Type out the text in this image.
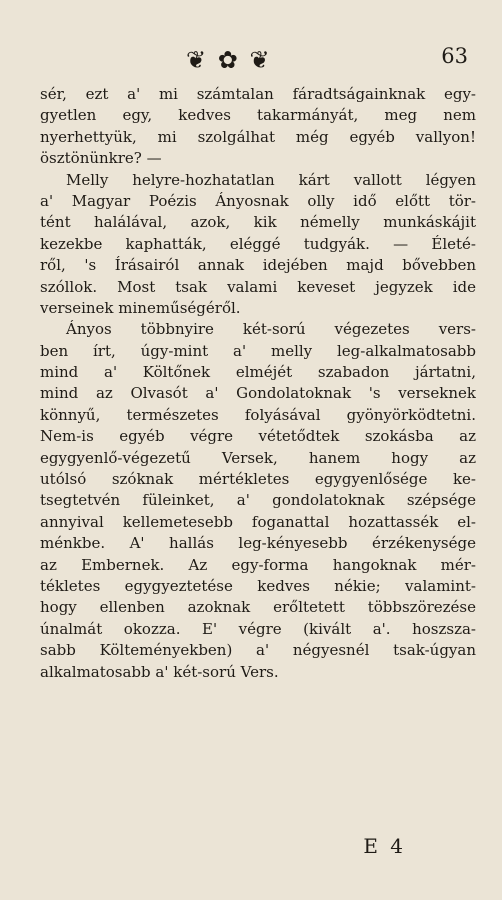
❦ ✿ ❦	63
sér, ezt a' mi számtalan fáradtságainknak egy-
gyetlen egy, kedves takarmányát, meg nem
nyerhettyük, mi szolgálhat még egyéb vallyon!
ösztönünkre? —
Melly helyre-hozhatatlan kárt vallott légyen
a' Magyar Poézis Ányosnak olly idő előtt tör-
tént halálával, azok, kik némelly munkáskájit
kezekbe kaphatták, eléggé tudgyák. — Életé-
ről, 's Írásairól annak idejében majd bővebben
szóllok. Most tsak valami keveset jegyzek ide
verseinek mineműségéről.
Ányos többnyire két-sorú végezetes vers-
ben írt, úgy-mint a' melly leg-alkalmatosabb
mind a' Költőnek elméjét szabadon jártatni,
mind az Olvasót a' Gondolatoknak 's verseknek
könnyű, természetes folyásával gyönyörködtetni.
Nem-is egyéb végre vétetődtek szokásba az
egygyenlő-végezetű Versek, hanem hogy az
utólsó szóknak mértékletes egygyenlősége ke-
tsegtetvén füleinket, a' gondolatoknak szépsége
annyival kellemetesebb foganattal hozattassék el-
ménkbe. A' hallás leg-kényesebb érzékenysége
az Embernek. Az egy-forma hangoknak mér-
tékletes egygyeztetése kedves nékie; valamint-
hogy ellenben azoknak erőltetett többszörezése
únalmát okozza. E' végre (kivált a'. hoszsza-
sabb Költeményekben) a' négyesnél tsak-úgyan
alkalmatosabb a' két-sorú Vers.
E 4
